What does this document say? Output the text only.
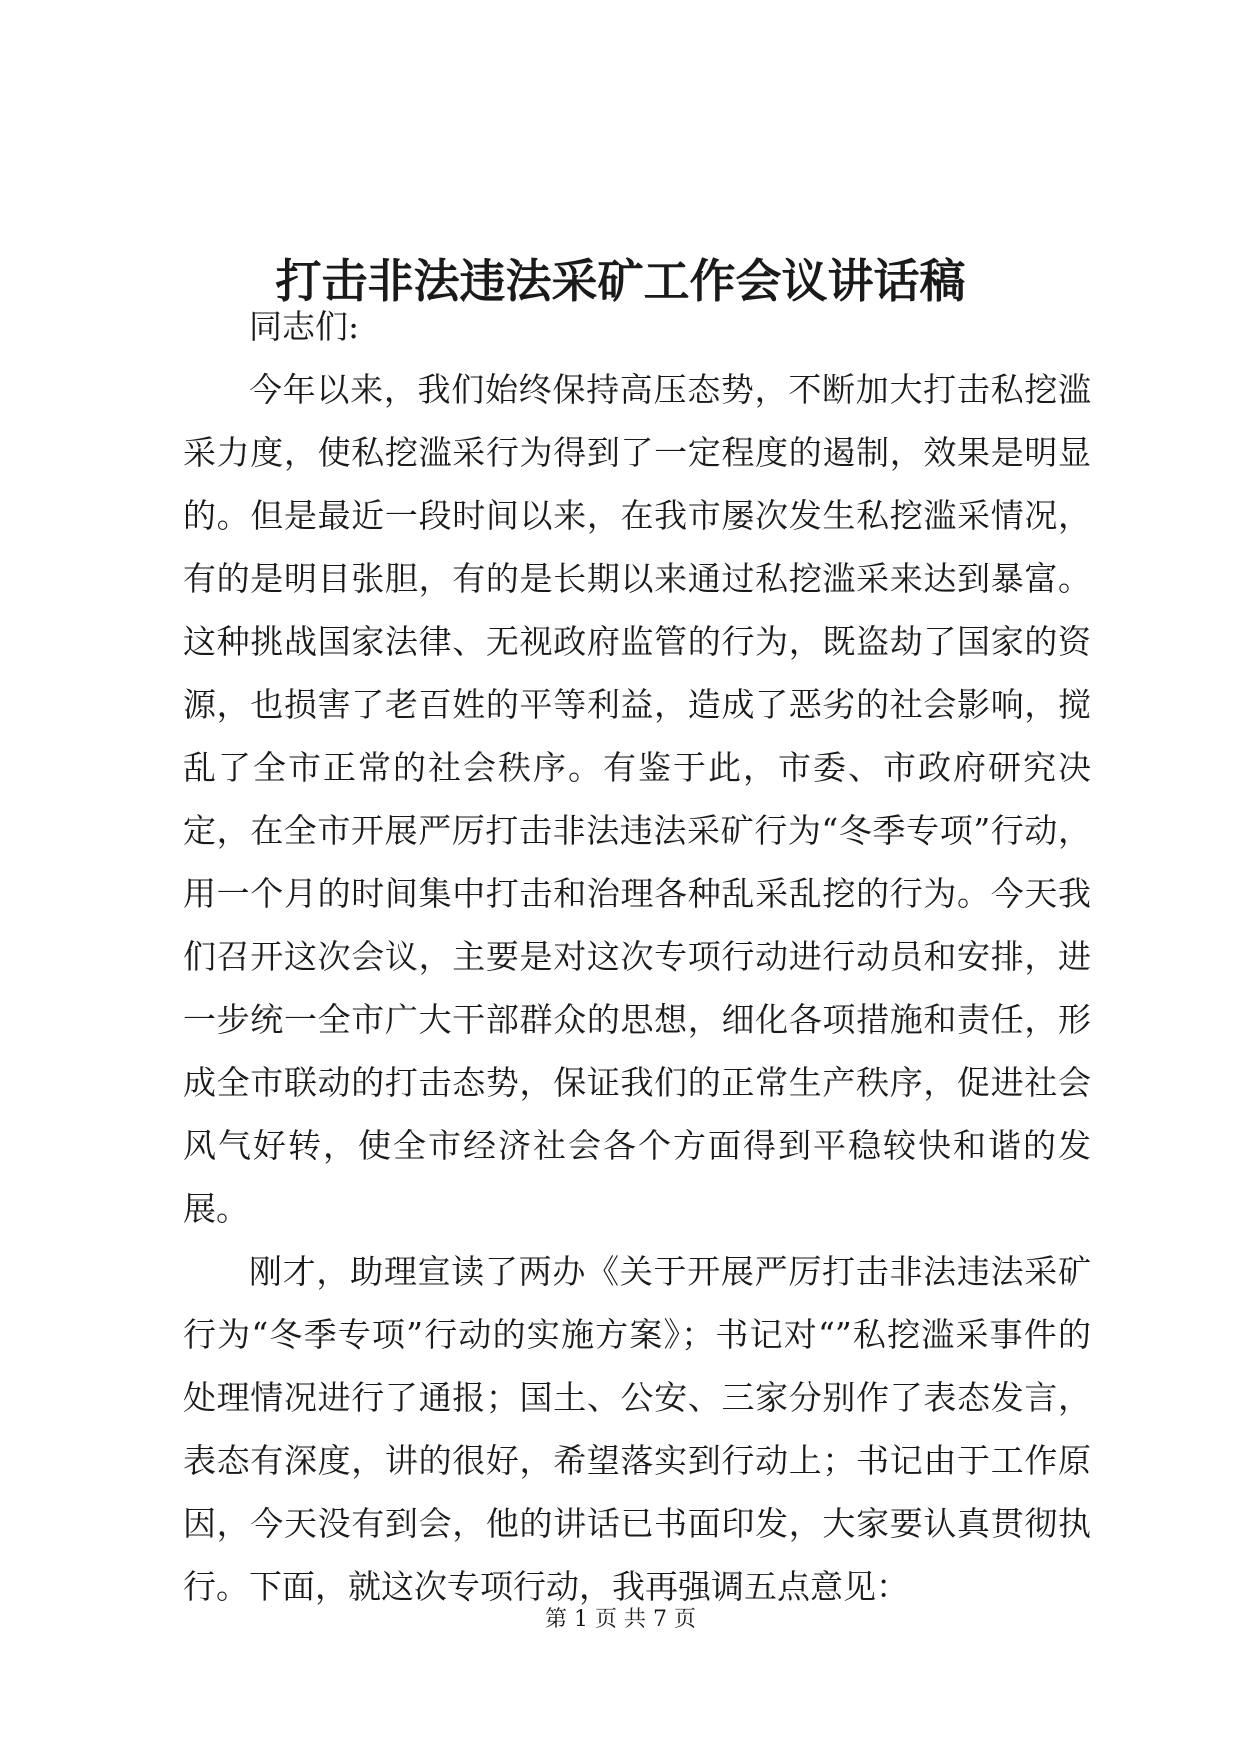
打击非法违法采矿工作会议讲话稿

同志们:

今年以来，我们始终保持高压态势，不断加大打击私挖滥采力度，使私挖滥采行为得到了一定程度的遏制，效果是明显的。但是最近一段时间以来，在我市屡次发生私挖滥采情况，有的是明目张胆，有的是长期以来通过私挖滥采来达到暴富。这种挑战国家法律、无视政府监管的行为，既盗劫了国家的资源，也损害了老百姓的平等利益，造成了恶劣的社会影响，搅乱了全市正常的社会秩序。有鉴于此，市委、市政府研究决定，在全市开展严厉打击非法违法采矿行为“冬季专项”行动，用一个月的时间集中打击和治理各种乱采乱挖的行为。今天我们召开这次会议，主要是对这次专项行动进行动员和安排，进一步统一全市广大干部群众的思想，细化各项措施和责任，形成全市联动的打击态势，保证我们的正常生产秩序，促进社会风气好转，使全市经济社会各个方面得到平稳较快和谐的发展。

刚才，助理宣读了两办《关于开展严厉打击非法违法采矿行为“冬季专项”行动的实施方案》；书记对“”私挖滥采事件的处理情况进行了通报；国土、公安、三家分别作了表态发言，表态有深度，讲的很好，希望落实到行动上；书记由于工作原因，今天没有到会，他的讲话已书面印发，大家要认真贯彻执行。下面，就这次专项行动，我再强调五点意见：

第 1 页 共 7 页
